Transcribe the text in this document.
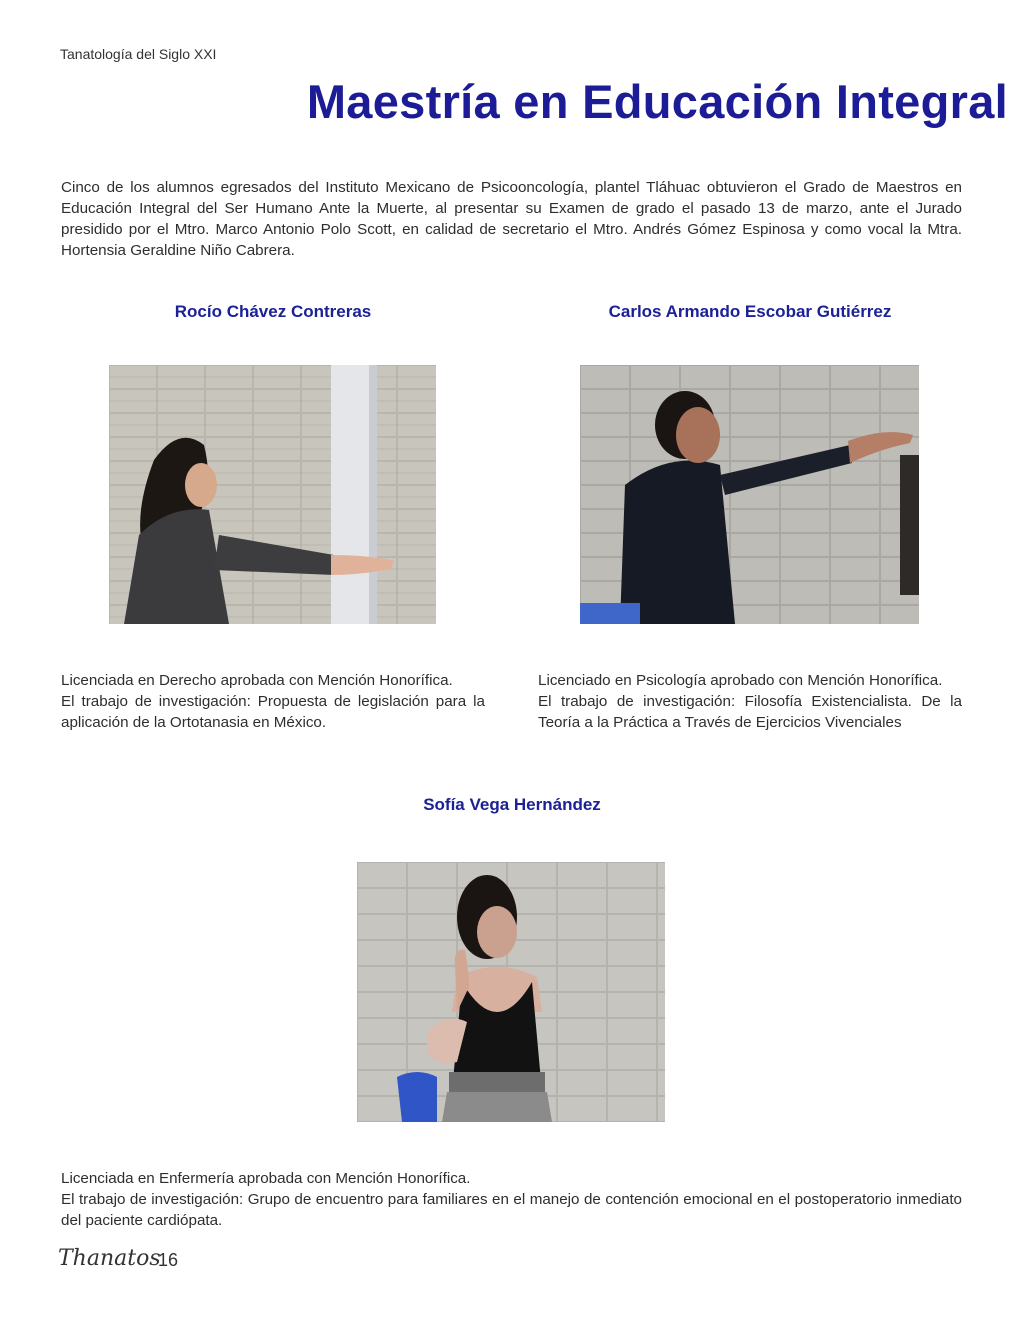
Tanatología del Siglo XXI
Maestría en Educación Integral
Cinco de los alumnos egresados del Instituto Mexicano de Psicooncología, plantel Tláhuac obtuvieron el Grado de Maestros en Educación Integral del Ser Humano Ante la Muerte, al presentar su Examen de grado el pasado 13 de marzo, ante el Jurado presidido por el Mtro. Marco Antonio Polo Scott, en calidad de secretario el Mtro. Andrés Gómez Espinosa y como vocal la Mtra. Hortensia Geraldine Niño Cabrera.
Rocío Chávez Contreras

Licenciada en Derecho aprobada con Mención Honorífica.

El trabajo de investigación: Propuesta de legislación para la aplicación de la Ortotanasia en México.

Carlos Armando Escobar Gutiérrez

Licenciado en Psicología aprobado con Mención Honorífica.

El trabajo de investigación: Filosofía Existencialista. De la Teoría a la Práctica a Través de Ejercicios Vivenciales

Sofía Vega Hernández

Licenciada en Enfermería aprobada con Mención Honorífica.

El trabajo de investigación: Grupo de encuentro para familiares en el manejo de contención emocional en el postoperatorio inmediato del paciente cardiópata.

Thanatos
16
